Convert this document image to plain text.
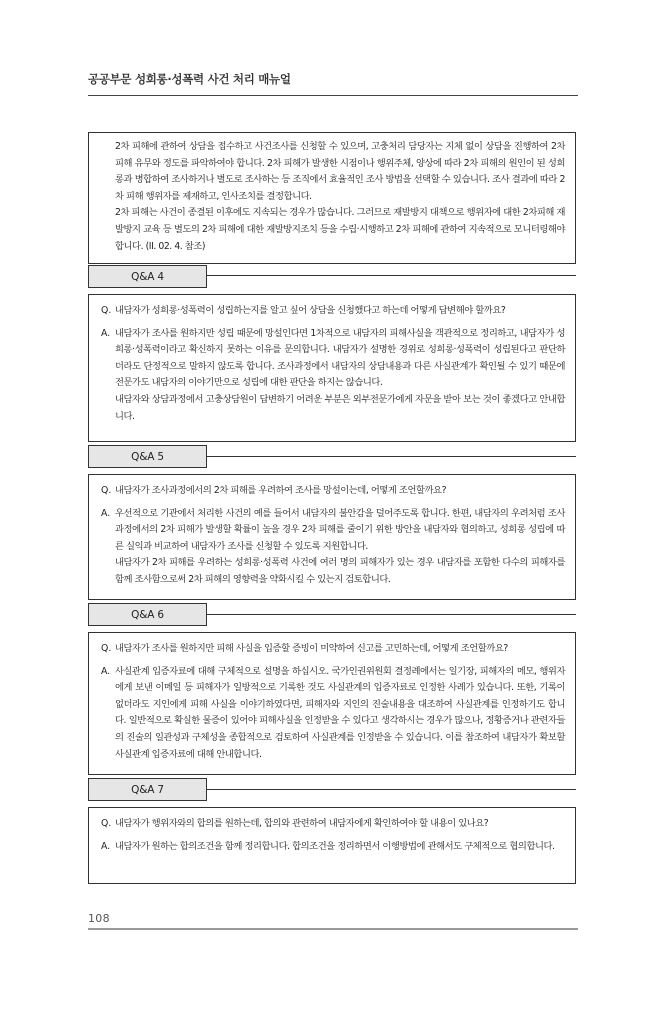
공공부문 성희롱·성폭력 사건 처리 매뉴얼

2차 피해에 관하여 상담을 접수하고 사건조사를 신청할 수 있으며, 고충처리 담당자는 지체 없이 상담을 진행하여 2차 피해 유무와 정도를 파악하여야 합니다. 2차 피해가 발생한 시점이나 행위주체, 양상에 따라 2차 피해의 원인이 된 성희롱과 병합하여 조사하거나 별도로 조사하는 등 조직에서 효율적인 조사 방법을 선택할 수 있습니다. 조사 결과에 따라 2차 피해 행위자를 제재하고, 인사조치를 결정합니다.

2차 피해는 사건이 종결된 이후에도 지속되는 경우가 많습니다. 그러므로 재발방지 대책으로 행위자에 대한 2차피해 재발방지 교육 등 별도의 2차 피해에 대한 재발방지조치 등을 수립·시행하고 2차 피해에 관하여 지속적으로 모니터링해야 합니다. (II. 02. 4. 참조)

Q&A 4
Q. 내담자가 성희롱·성폭력이 성립하는지를 알고 싶어 상담을 신청했다고 하는데 어떻게 답변해야 할까요?

A. 내담자가 조사를 원하지만 성립 때문에 망설인다면 1차적으로 내담자의 피해사실을 객관적으로 정리하고, 내담자가 성희롱·성폭력이라고 확신하지 못하는 이유를 문의합니다. 내담자가 설명한 경위로 성희롱·성폭력이 성립된다고 판단하더라도 단정적으로 말하지 않도록 합니다. 조사과정에서 내담자의 상담내용과 다른 사실관계가 확인될 수 있기 때문에 전문가도 내담자의 이야기만으로 성립에 대한 판단을 하지는 않습니다.

내담자와 상담과정에서 고충상담원이 답변하기 어려운 부분은 외부전문가에게 자문을 받아 보는 것이 좋겠다고 안내합니다.

Q&A 5
Q. 내담자가 조사과정에서의 2차 피해를 우려하여 조사를 망설이는데, 어떻게 조언할까요?

A. 우선적으로 기관에서 처리한 사건의 예를 들어서 내담자의 불안감을 덜어주도록 합니다. 한편, 내담자의 우려처럼 조사과정에서의 2차 피해가 발생할 확률이 높을 경우 2차 피해를 줄이기 위한 방안을 내담자와 협의하고, 성희롱 성립에 따른 실익과 비교하여 내담자가 조사를 신청할 수 있도록 지원합니다.

내담자가 2차 피해를 우려하는 성희롱·성폭력 사건에 여러 명의 피해자가 있는 경우 내담자를 포함한 다수의 피해자를 함께 조사함으로써 2차 피해의 영향력을 약화시킬 수 있는지 검토합니다.

Q&A 6
Q. 내담자가 조사를 원하지만 피해 사실을 입증할 증빙이 미약하여 신고를 고민하는데, 어떻게 조언할까요?

A. 사실관계 입증자료에 대해 구체적으로 설명을 하십시오. 국가인권위원회 결정례에서는 일기장, 피해자의 메모, 행위자에게 보낸 이메일 등 피해자가 일방적으로 기록한 것도 사실관계의 입증자료로 인정한 사례가 있습니다. 또한, 기록이 없더라도 지인에게 피해 사실을 이야기하였다면, 피해자와 지인의 진술내용을 대조하여 사실관계를 인정하기도 합니다. 일반적으로 확실한 물증이 있어야 피해사실을 인정받을 수 있다고 생각하시는 경우가 많으나, 정황증거나 관련자들의 진술의 일관성과 구체성을 종합적으로 검토하여 사실관계를 인정받을 수 있습니다. 이를 참조하여 내담자가 확보할 사실관계 입증자료에 대해 안내합니다.

Q&A 7
Q. 내담자가 행위자와의 합의를 원하는데, 합의와 관련하여 내담자에게 확인하여야 할 내용이 있나요?

A. 내담자가 원하는 합의조건을 함께 정리합니다. 합의조건을 정리하면서 이행방법에 관해서도 구체적으로 협의합니다.

108
